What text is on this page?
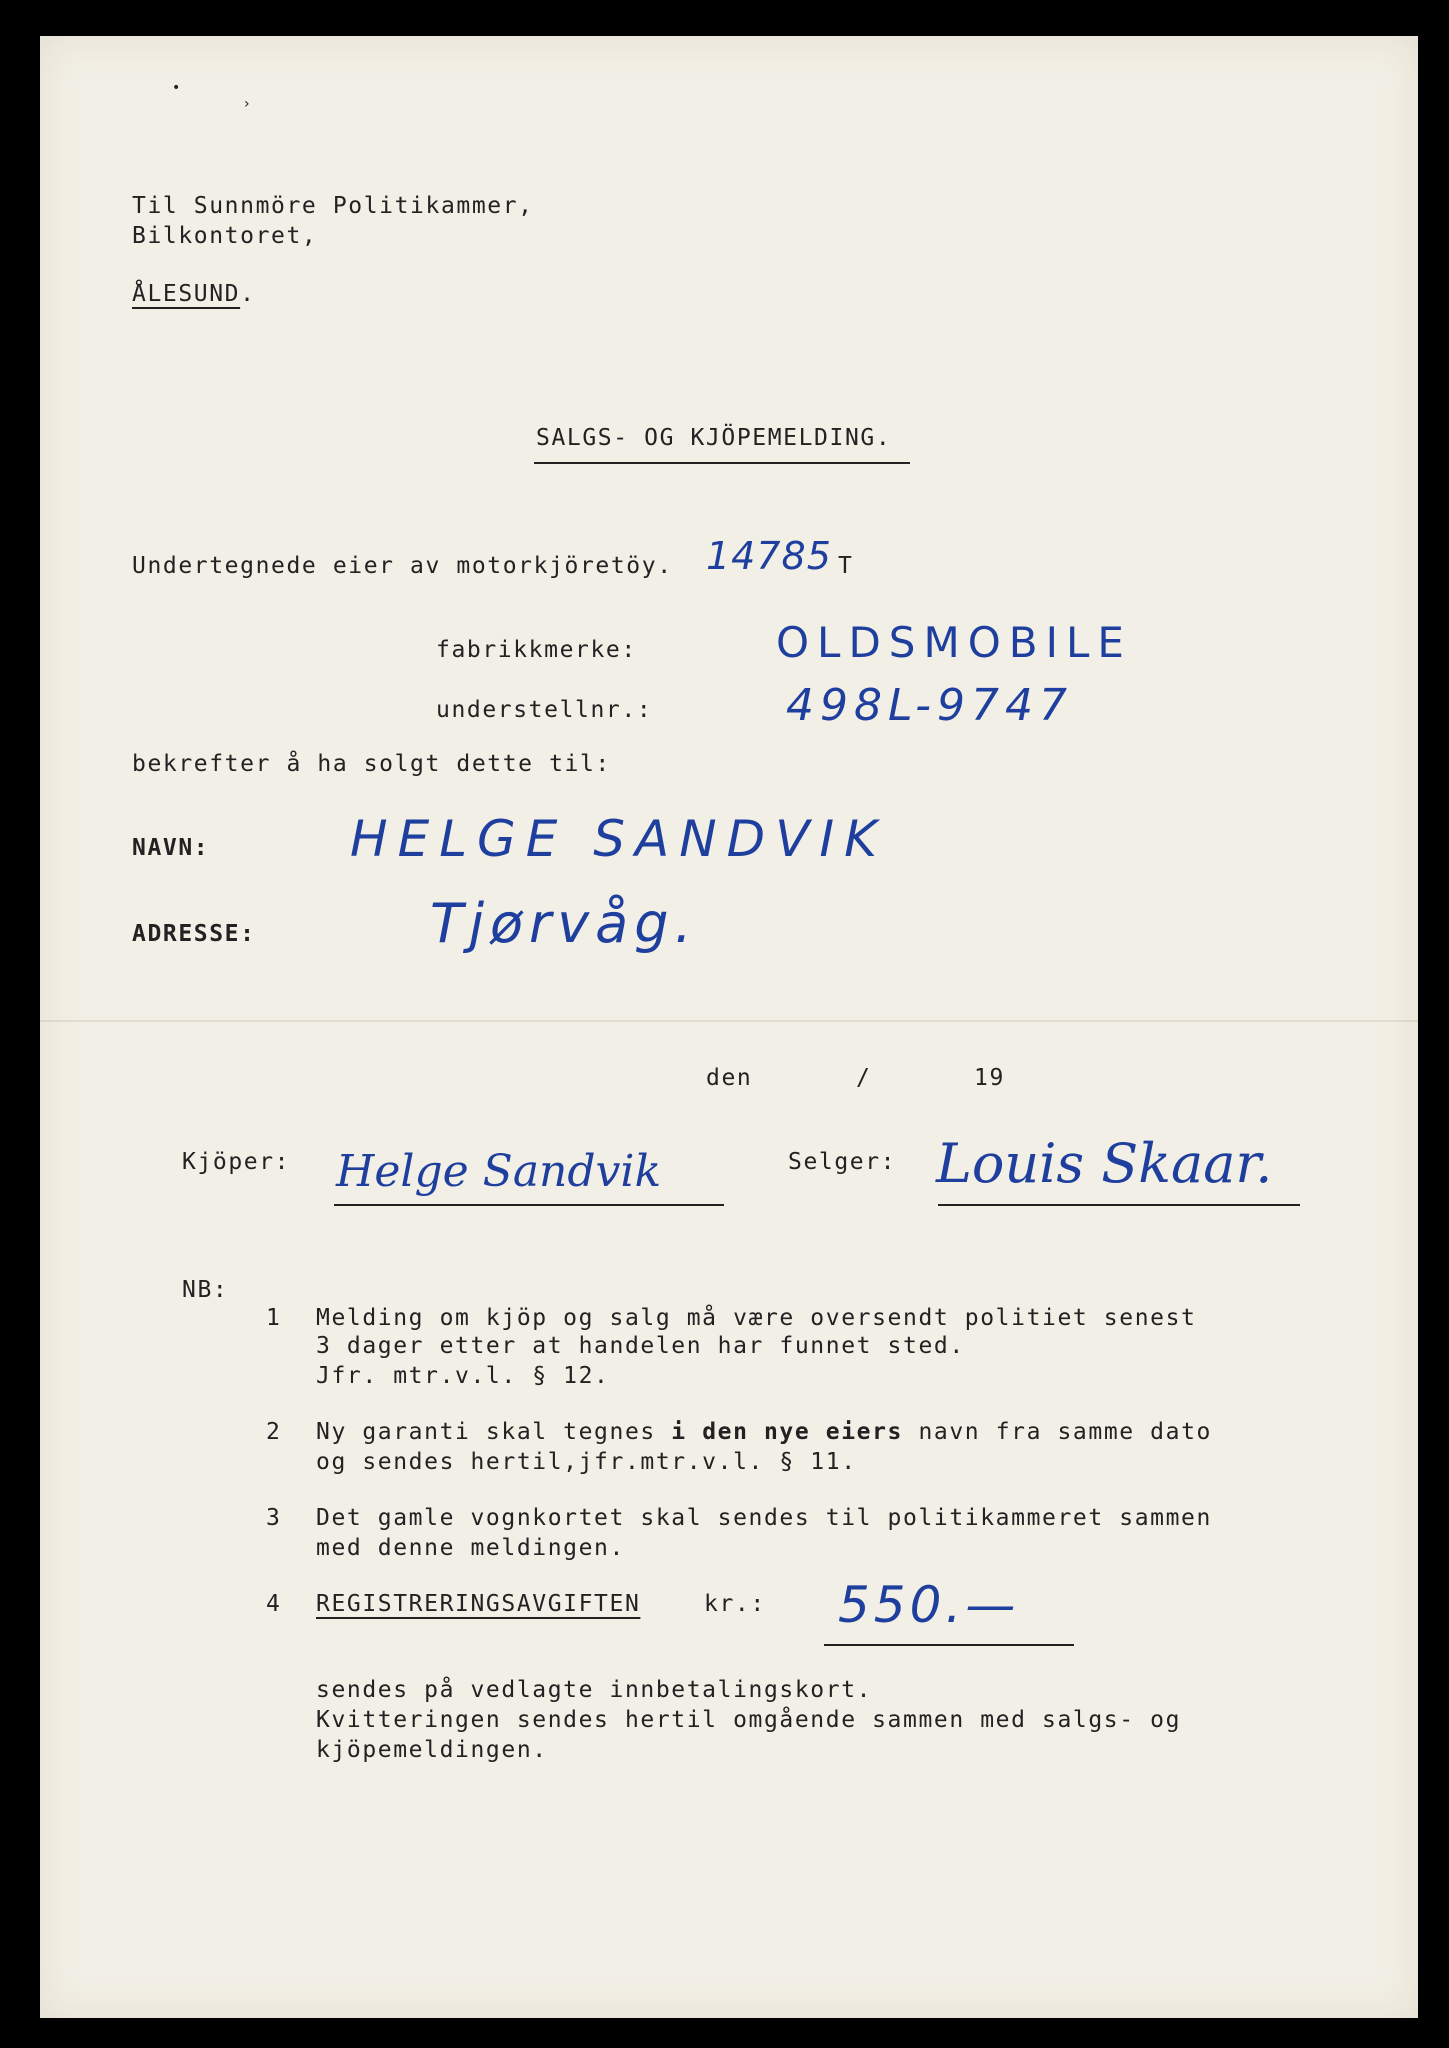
•
›
Til Sunnmöre Politikammer,
Bilkontoret,
ÅLESUND.
SALGS- OG KJÖPEMELDING.
Undertegnede eier av motorkjöretöy. 14785 T
fabrikkmerke:	OLDSMOBILE
understellnr.:	498L-9747
bekrefter å ha solgt dette til:
NAVN:	HELGE SANDVIK
ADRESSE:	Tjørvåg.
den	/	19
Kjöper: Helge Sandvik	Selger: Louis Skaar.
NB:
1 Melding om kjöp og salg må være oversendt politiet senest
3 dager etter at handelen har funnet sted.
Jfr. mtr.v.l. § 12.
2 Ny garanti skal tegnes i den nye eiers navn fra samme dato
og sendes hertil,jfr.mtr.v.l. § 11.
3 Det gamle vognkortet skal sendes til politikammeret sammen
med denne meldingen.
4 REGISTRERINGSAVGIFTEN	kr.: 550.—
sendes på vedlagte innbetalingskort.
Kvitteringen sendes hertil omgående sammen med salgs- og
kjöpemeldingen.
